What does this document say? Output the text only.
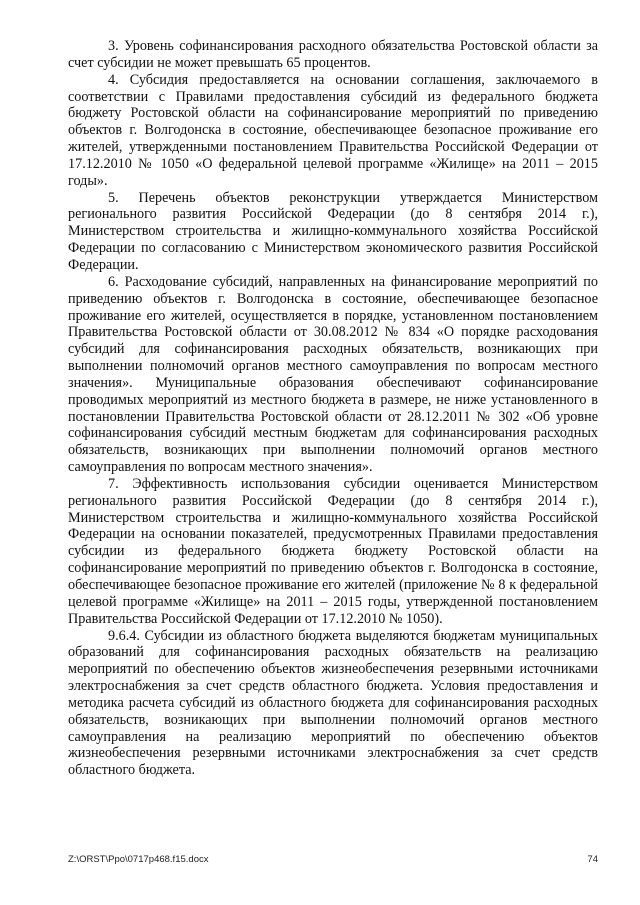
3. Уровень софинансирования расходного обязательства Ростовской области за счет субсидии не может превышать 65 процентов.

4. Субсидия предоставляется на основании соглашения, заключаемого в соответствии с Правилами предоставления субсидий из федерального бюджета бюджету Ростовской области на софинансирование мероприятий по приведению объектов г. Волгодонска в состояние, обеспечивающее безопасное проживание его жителей, утвержденными постановлением Правительства Российской Федерации от 17.12.2010 № 1050 «О федеральной целевой программе «Жилище» на 2011 – 2015 годы».

5. Перечень объектов реконструкции утверждается Министерством регионального развития Российской Федерации (до 8 сентября 2014 г.), Министерством строительства и жилищно-коммунального хозяйства Российской Федерации по согласованию с Министерством экономического развития Российской Федерации.

6. Расходование субсидий, направленных на финансирование мероприятий по приведению объектов г. Волгодонска в состояние, обеспечивающее безопасное проживание его жителей, осуществляется в порядке, установленном постановлением Правительства Ростовской области от 30.08.2012 № 834 «О порядке расходования субсидий для софинансирования расходных обязательств, возникающих при выполнении полномочий органов местного самоуправления по вопросам местного значения». Муниципальные образования обеспечивают софинансирование проводимых мероприятий из местного бюджета в размере, не ниже установленного в постановлении Правительства Ростовской области от 28.12.2011 № 302 «Об уровне софинансирования субсидий местным бюджетам для софинансирования расходных обязательств, возникающих при выполнении полномочий органов местного самоуправления по вопросам местного значения».

7. Эффективность использования субсидии оценивается Министерством регионального развития Российской Федерации (до 8 сентября 2014 г.), Министерством строительства и жилищно-коммунального хозяйства Российской Федерации на основании показателей, предусмотренных Правилами предоставления субсидии из федерального бюджета бюджету Ростовской области на софинансирование мероприятий по приведению объектов г. Волгодонска в состояние, обеспечивающее безопасное проживание его жителей (приложение № 8 к федеральной целевой программе «Жилище» на 2011 – 2015 годы, утвержденной постановлением Правительства Российской Федерации от 17.12.2010 № 1050).

9.6.4. Субсидии из областного бюджета выделяются бюджетам муниципальных образований для софинансирования расходных обязательств на реализацию мероприятий по обеспечению объектов жизнеобеспечения резервными источниками электроснабжения за счет средств областного бюджета. Условия предоставления и методика расчета субсидий из областного бюджета для софинансирования расходных обязательств, возникающих при выполнении полномочий органов местного самоуправления на реализацию мероприятий по обеспечению объектов жизнеобеспечения резервными источниками электроснабжения за счет средств областного бюджета.

Z:\ORST\Ppo\0717p468.f15.docx	74
